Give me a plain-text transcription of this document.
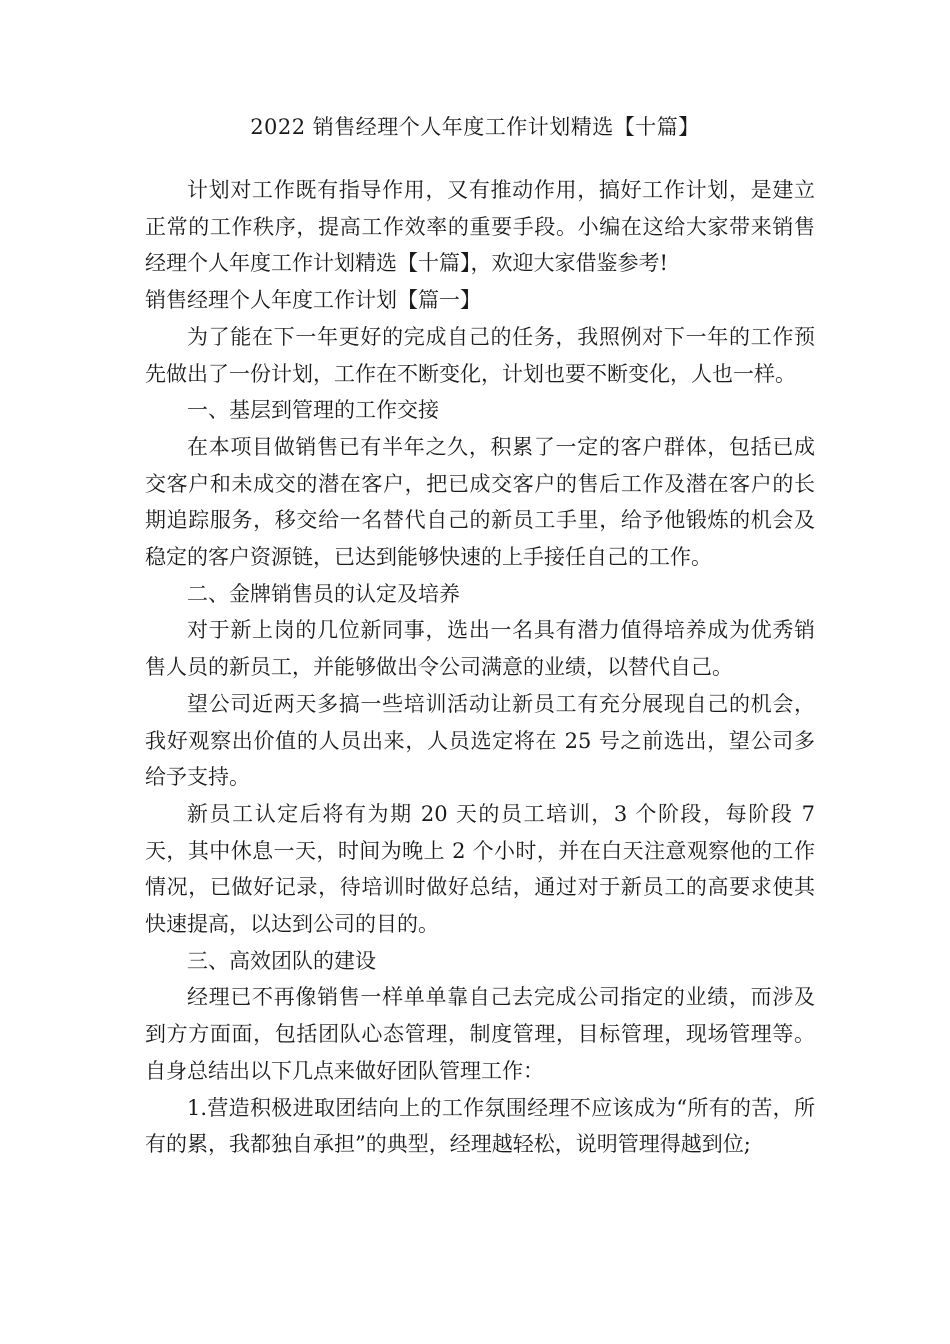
2022 销售经理个人年度工作计划精选【十篇】

计划对工作既有指导作用，又有推动作用，搞好工作计划，是建立正常的工作秩序，提高工作效率的重要手段。小编在这给大家带来销售经理个人年度工作计划精选【十篇】，欢迎大家借鉴参考!

销售经理个人年度工作计划【篇一】

为了能在下一年更好的完成自己的任务，我照例对下一年的工作预先做出了一份计划，工作在不断变化，计划也要不断变化，人也一样。

一、基层到管理的工作交接

在本项目做销售已有半年之久，积累了一定的客户群体，包括已成交客户和未成交的潜在客户，把已成交客户的售后工作及潜在客户的长期追踪服务，移交给一名替代自己的新员工手里，给予他锻炼的机会及稳定的客户资源链，已达到能够快速的上手接任自己的工作。

二、金牌销售员的认定及培养

对于新上岗的几位新同事，选出一名具有潜力值得培养成为优秀销售人员的新员工，并能够做出令公司满意的业绩，以替代自己。

望公司近两天多搞一些培训活动让新员工有充分展现自己的机会，我好观察出价值的人员出来，人员选定将在 25 号之前选出，望公司多给予支持。

新员工认定后将有为期 20 天的员工培训，3 个阶段，每阶段 7 天，其中休息一天，时间为晚上 2 个小时，并在白天注意观察他的工作情况，已做好记录，待培训时做好总结，通过对于新员工的高要求使其快速提高，以达到公司的目的。

三、高效团队的建设

经理已不再像销售一样单单靠自己去完成公司指定的业绩，而涉及到方方面面，包括团队心态管理，制度管理，目标管理，现场管理等。自身总结出以下几点来做好团队管理工作：

1.营造积极进取团结向上的工作氛围经理不应该成为“所有的苦，所有的累，我都独自承担”的典型，经理越轻松，说明管理得越到位;
